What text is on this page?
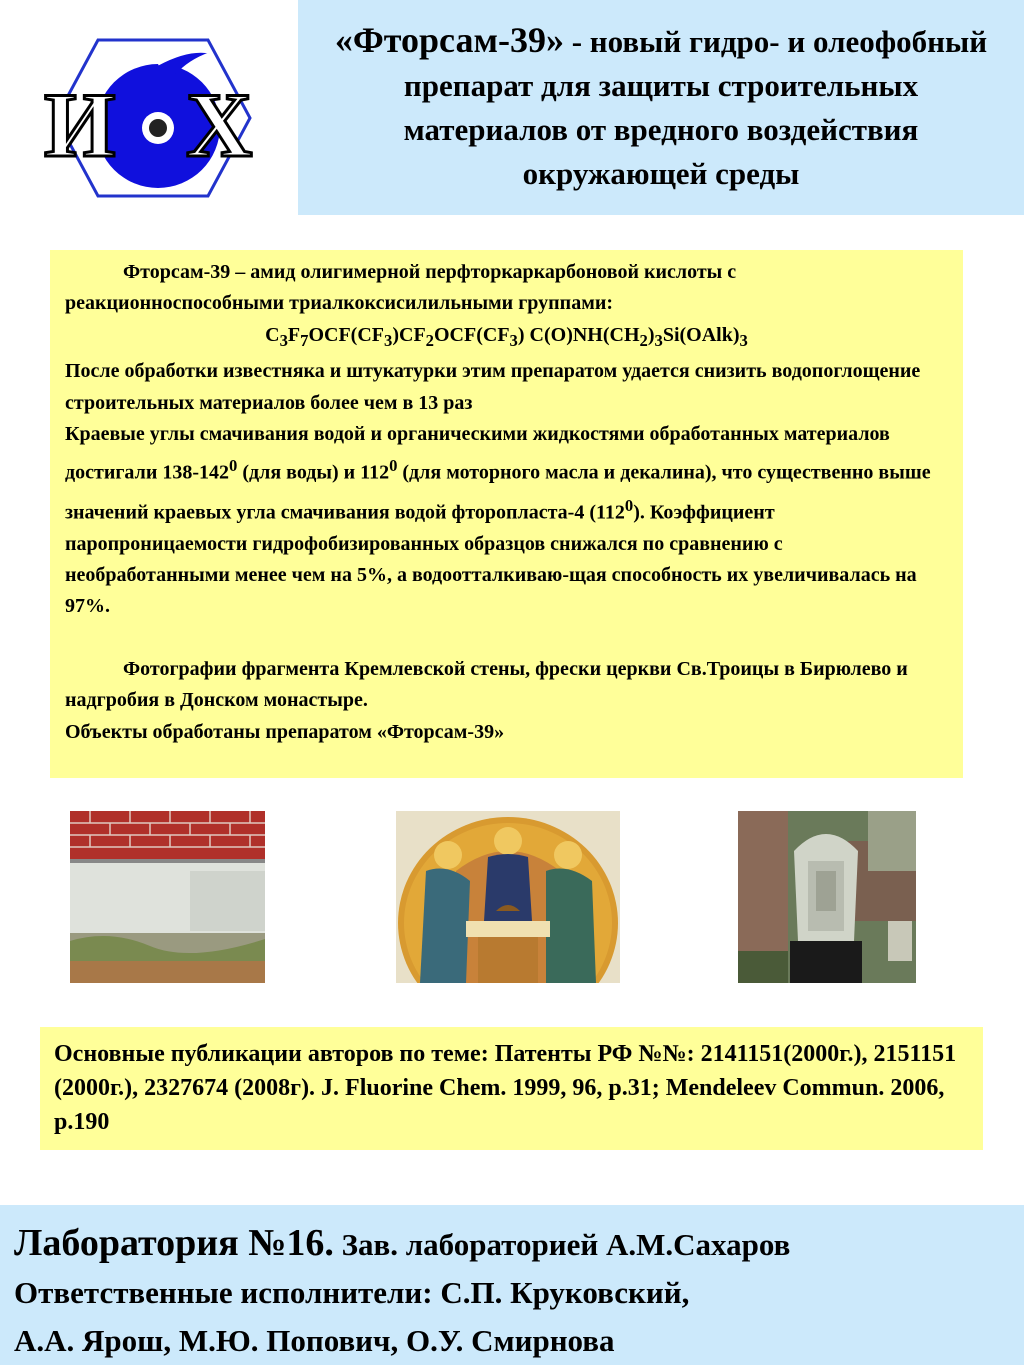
И Х
«Фторсам-39» - новый гидро- и олеофобный препарат для защиты строительных материалов от вредного воздействия окружающей среды

Фторсам-39 – амид олигимерной перфторкаркарбоновой кислоты с реакционноспособными триалкоксисилильными группами:

$C_3F_7OCF(CF_3)CF_2OCF(CF_3)$ $C(O)NH(CH_2)_3Si(OAlk)_3$

После обработки известняка и штукатурки этим препаратом удается снизить водопоглощение строительных материалов более чем в 13 раз

Краевые углы смачивания водой и органическими жидкостями обработанных материалов достигали $138-142^0$ (для воды) и $112^0$ (для моторного масла и декалина), что существенно выше значений краевых угла смачивания водой фторопласта-4 $(112^0)$. Коэффициент паропроницаемости гидрофобизированных образцов снижался по сравнению с необработанными менее чем на 5%, а водоотталкиваю-щая способность их увеличивалась на 97%.

Фотографии фрагмента Кремлевской стены, фрески церкви Св.Троицы в Бирюлево и надгробия в Донском монастыре.

Объекты обработаны препаратом «Фторсам-39»

Основные публикации авторов по теме: Патенты РФ №№: 2141151(2000г.), 2151151 (2000г.), 2327674 (2008г). J. Fluorine Chem. 1999, 96, p.31; Mendeleev Commun. 2006, p.190

Лаборатория №16. Зав. лабораторией А.М.Сахаров

Ответственные исполнители: С.П. Круковский,

А.А. Ярош, М.Ю. Попович, О.У. Смирнова
